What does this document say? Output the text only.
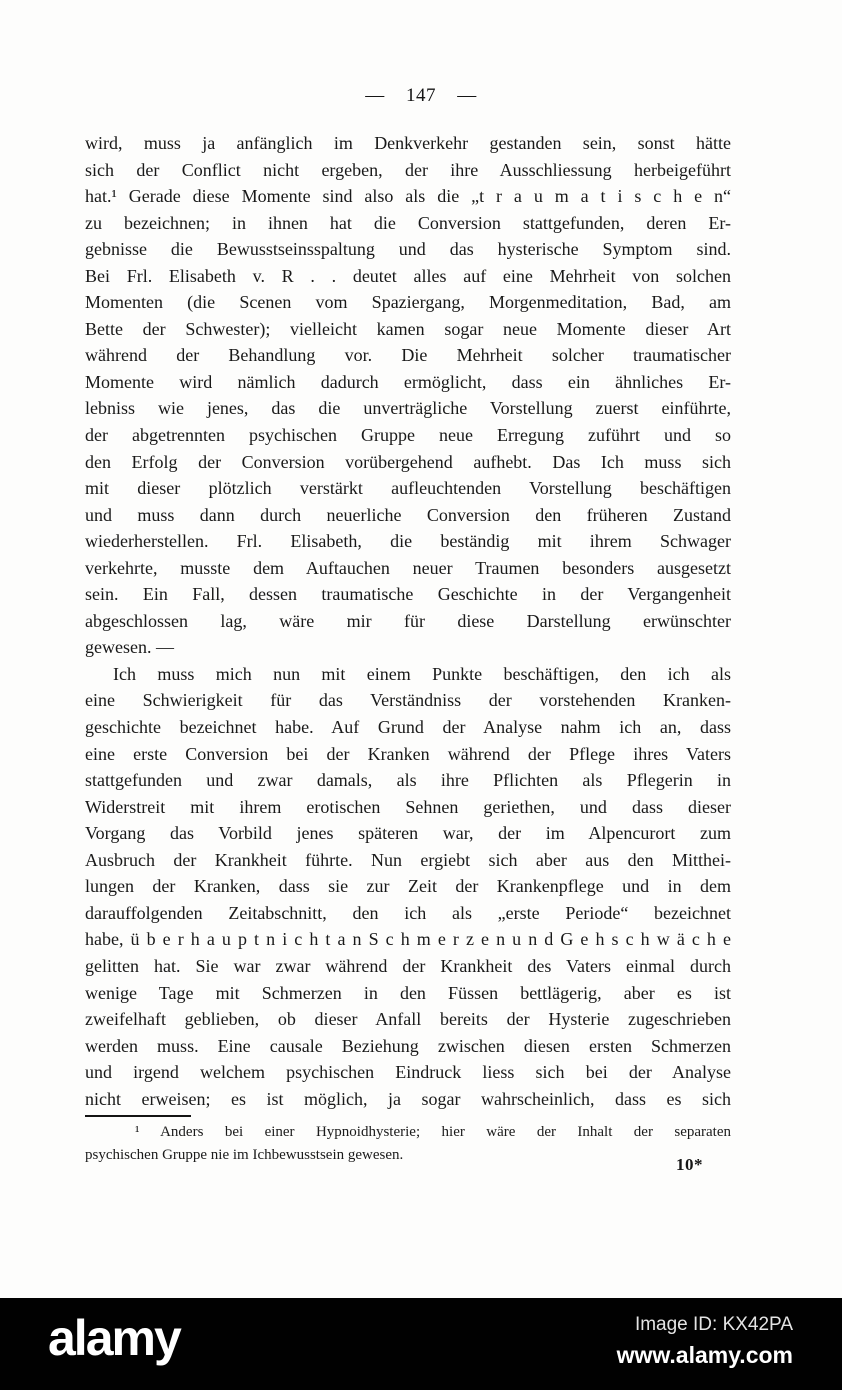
— 147 —
wird, muss ja anfänglich im Denkverkehr gestanden sein, sonst hätte
sich der Conflict nicht ergeben, der ihre Ausschliessung herbeigeführt
hat.¹ Gerade diese Momente sind also als die „t r a u m a t i s c h e n“
zu bezeichnen; in ihnen hat die Conversion stattgefunden, deren Er-
gebnisse die Bewusstseinsspaltung und das hysterische Symptom sind.
Bei Frl. Elisabeth v. R . . deutet alles auf eine Mehrheit von solchen
Momenten (die Scenen vom Spaziergang, Morgenmeditation, Bad, am
Bette der Schwester); vielleicht kamen sogar neue Momente dieser Art
während der Behandlung vor. Die Mehrheit solcher traumatischer
Momente wird nämlich dadurch ermöglicht, dass ein ähnliches Er-
lebniss wie jenes, das die unverträgliche Vorstellung zuerst einführte,
der abgetrennten psychischen Gruppe neue Erregung zuführt und so
den Erfolg der Conversion vorübergehend aufhebt. Das Ich muss sich
mit dieser plötzlich verstärkt aufleuchtenden Vorstellung beschäftigen
und muss dann durch neuerliche Conversion den früheren Zustand
wiederherstellen. Frl. Elisabeth, die beständig mit ihrem Schwager
verkehrte, musste dem Auftauchen neuer Traumen besonders ausgesetzt
sein. Ein Fall, dessen traumatische Geschichte in der Vergangenheit
abgeschlossen lag, wäre mir für diese Darstellung erwünschter
gewesen. —
Ich muss mich nun mit einem Punkte beschäftigen, den ich als
eine Schwierigkeit für das Verständniss der vorstehenden Kranken-
geschichte bezeichnet habe. Auf Grund der Analyse nahm ich an, dass
eine erste Conversion bei der Kranken während der Pflege ihres Vaters
stattgefunden und zwar damals, als ihre Pflichten als Pflegerin in
Widerstreit mit ihrem erotischen Sehnen geriethen, und dass dieser
Vorgang das Vorbild jenes späteren war, der im Alpencurort zum
Ausbruch der Krankheit führte. Nun ergiebt sich aber aus den Mitthei-
lungen der Kranken, dass sie zur Zeit der Krankenpflege und in dem
darauffolgenden Zeitabschnitt, den ich als „erste Periode“ bezeichnet
habe, ü b e r h a u p t n i c h t a n S c h m e r z e n u n d G e h s c h w ä c h e
gelitten hat. Sie war zwar während der Krankheit des Vaters einmal durch
wenige Tage mit Schmerzen in den Füssen bettlägerig, aber es ist
zweifelhaft geblieben, ob dieser Anfall bereits der Hysterie zugeschrieben
werden muss. Eine causale Beziehung zwischen diesen ersten Schmerzen
und irgend welchem psychischen Eindruck liess sich bei der Analyse
nicht erweisen; es ist möglich, ja sogar wahrscheinlich, dass es sich
¹ Anders bei einer Hypnoidhysterie; hier wäre der Inhalt der separaten
psychischen Gruppe nie im Ichbewusstsein gewesen.
10*
alamy	Image ID: KX42PA
www.alamy.com
